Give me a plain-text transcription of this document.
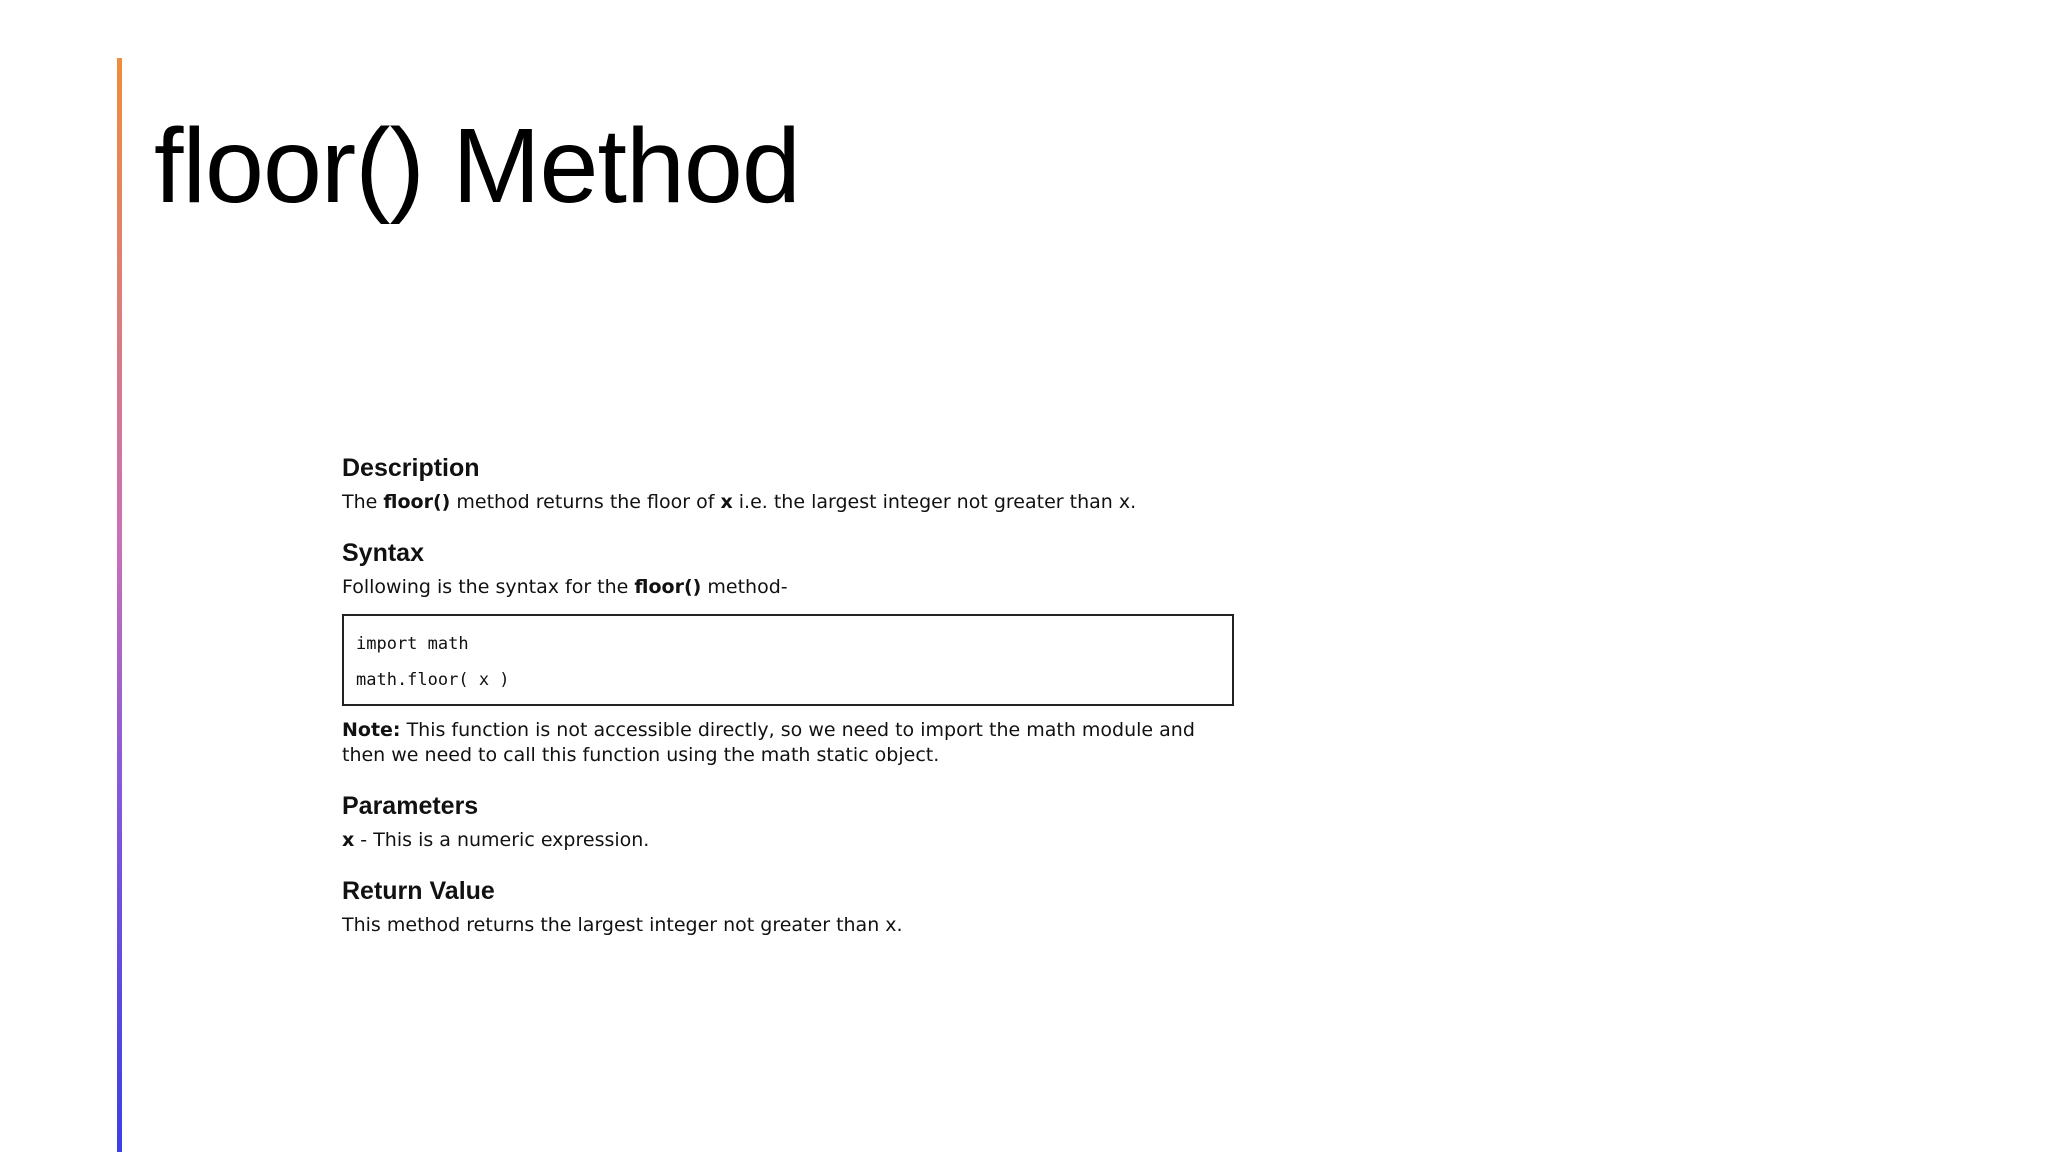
floor() Method
Description

The floor() method returns the floor of x i.e. the largest integer not greater than x.

Syntax

Following is the syntax for the floor() method-

import math
math.floor( x )

Note: This function is not accessible directly, so we need to import the math module and then we need to call this function using the math static object.

Parameters

x - This is a numeric expression.

Return Value

This method returns the largest integer not greater than x.
